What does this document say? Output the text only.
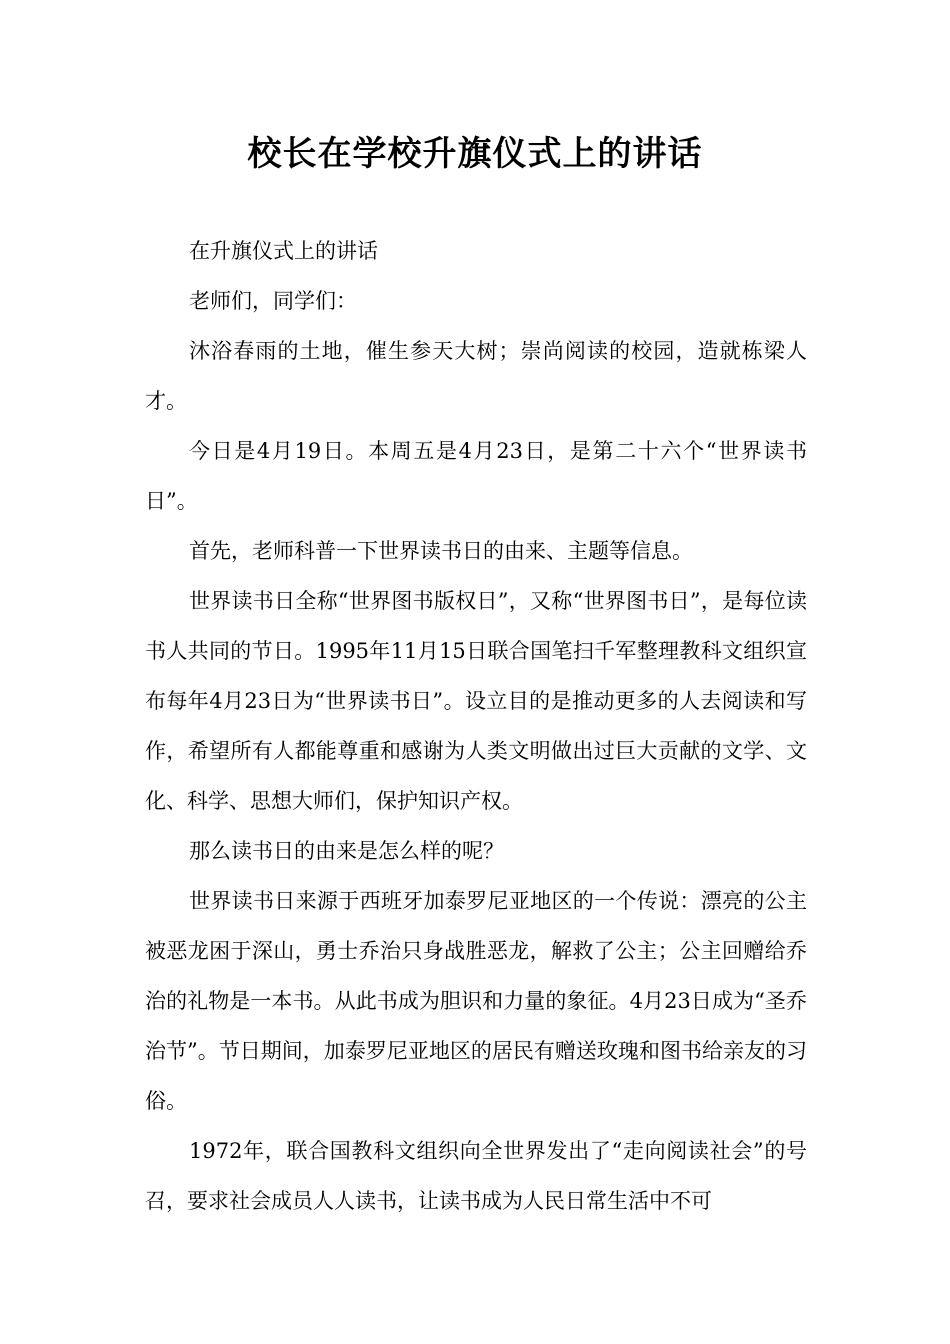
校长在学校升旗仪式上的讲话

在升旗仪式上的讲话

老师们，同学们：

沐浴春雨的土地，催生参天大树；崇尚阅读的校园，造就栋梁人才。

今日是4月19日。本周五是4月23日，是第二十六个“世界读书日”。

首先，老师科普一下世界读书日的由来、主题等信息。

世界读书日全称“世界图书版权日”，又称“世界图书日”，是每位读书人共同的节日。1995年11月15日联合国笔扫千军整理教科文组织宣布每年4月23日为“世界读书日”。设立目的是推动更多的人去阅读和写作，希望所有人都能尊重和感谢为人类文明做出过巨大贡献的文学、文化、科学、思想大师们，保护知识产权。

那么读书日的由来是怎么样的呢？

世界读书日来源于西班牙加泰罗尼亚地区的一个传说：漂亮的公主被恶龙困于深山，勇士乔治只身战胜恶龙，解救了公主；公主回赠给乔治的礼物是一本书。从此书成为胆识和力量的象征。4月23日成为“圣乔治节”。节日期间，加泰罗尼亚地区的居民有赠送玫瑰和图书给亲友的习俗。

1972年，联合国教科文组织向全世界发出了“走向阅读社会”的号召，要求社会成员人人读书，让读书成为人民日常生活中不可
